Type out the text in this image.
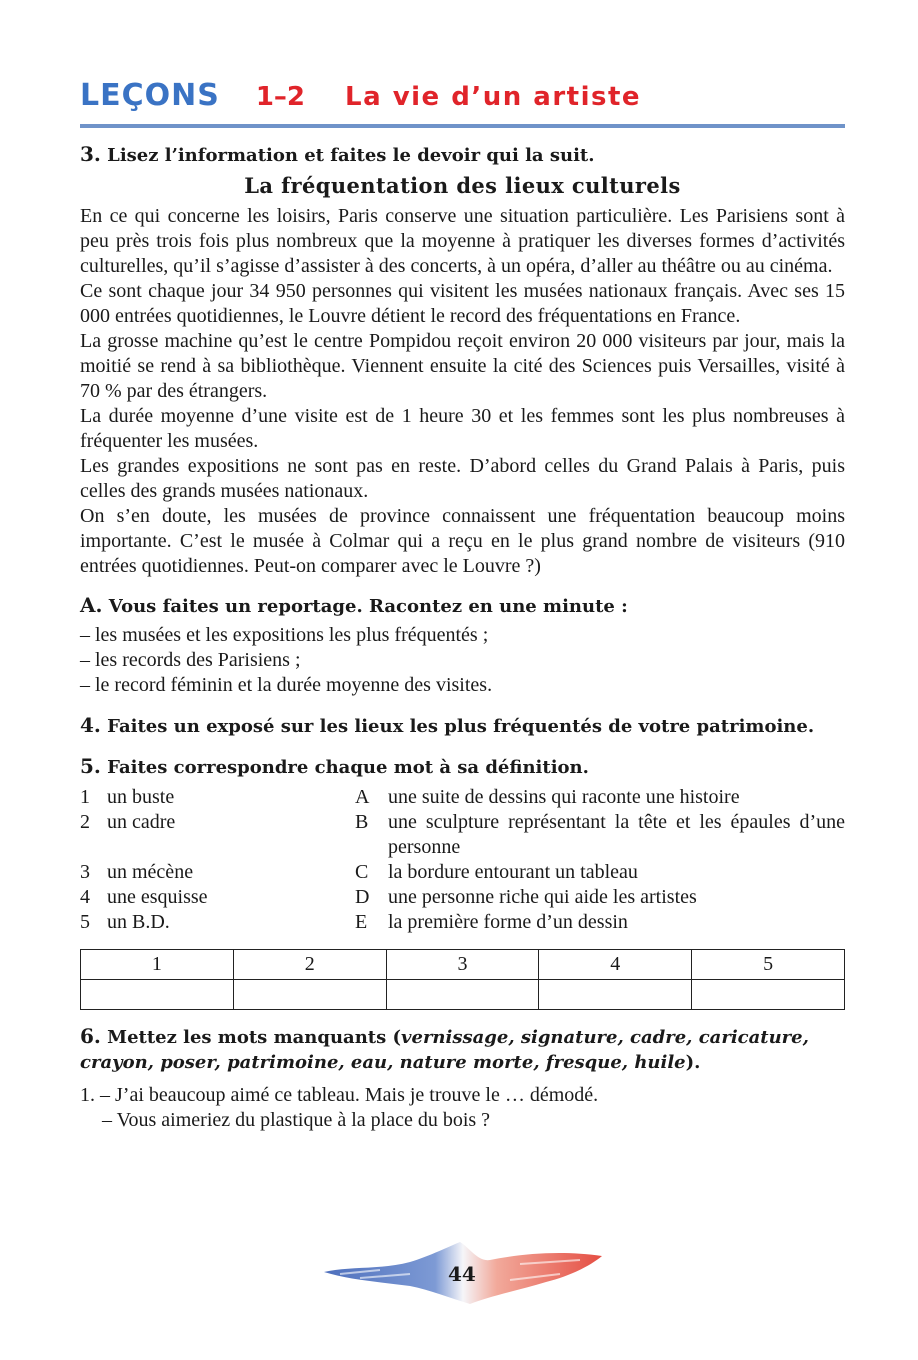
LEÇONS 1–2 La vie d’un artiste
3. Lisez l’information et faites le devoir qui la suit.
La fréquentation des lieux culturels

En ce qui concerne les loisirs, Paris conserve une situation particulière. Les Parisiens sont à peu près trois fois plus nombreux que la moyenne à pratiquer les diverses formes d’activités culturelles, qu’il s’agisse d’assister à des concerts, à un opéra, d’aller au théâtre ou au cinéma.

Ce sont chaque jour 34 950 personnes qui visitent les musées nationaux français. Avec ses 15 000 entrées quotidiennes, le Louvre détient le record des fréquentations en France.

La grosse machine qu’est le centre Pompidou reçoit environ 20 000 visiteurs par jour, mais la moitié se rend à sa bibliothèque. Viennent ensuite la cité des Sciences puis Versailles, visité à 70 % par des étrangers.

La durée moyenne d’une visite est de 1 heure 30 et les femmes sont les plus nombreuses à fréquenter les musées.

Les grandes expositions ne sont pas en reste. D’abord celles du Grand Palais à Paris, puis celles des grands musées nationaux.

On s’en doute, les musées de province connaissent une fréquentation beaucoup moins importante. C’est le musée à Colmar qui a reçu en le plus grand nombre de visiteurs (910 entrées quotidiennes. Peut-on comparer avec le Louvre ?)

A. Vous faites un reportage. Racontez en une minute :
– les musées et les expositions les plus fréquentés ;
– les records des Parisiens ;
– le record féminin et la durée moyenne des visites.
4. Faites un exposé sur les lieux les plus fréquentés de votre patrimoine.
5. Faites correspondre chaque mot à sa définition.
1 un buste	A une suite de dessins qui raconte une histoire
2 un cadre	B une sculpture représentant la tête et les épaules d’une personne
3 un mécène	C la bordure entourant un tableau
4 une esquisse	D une personne riche qui aide les artistes
5 un B.D.	E	la première forme d’un dessin
1	2	3	4	5

6. Mettez les mots manquants (vernissage, signature, cadre, caricature, crayon, poser, patrimoine, eau, nature morte, fresque, huile).
1. – J’ai beaucoup aimé ce tableau. Mais je trouve le … démodé.
– Vous aimeriez du plastique à la place du bois ?
44
